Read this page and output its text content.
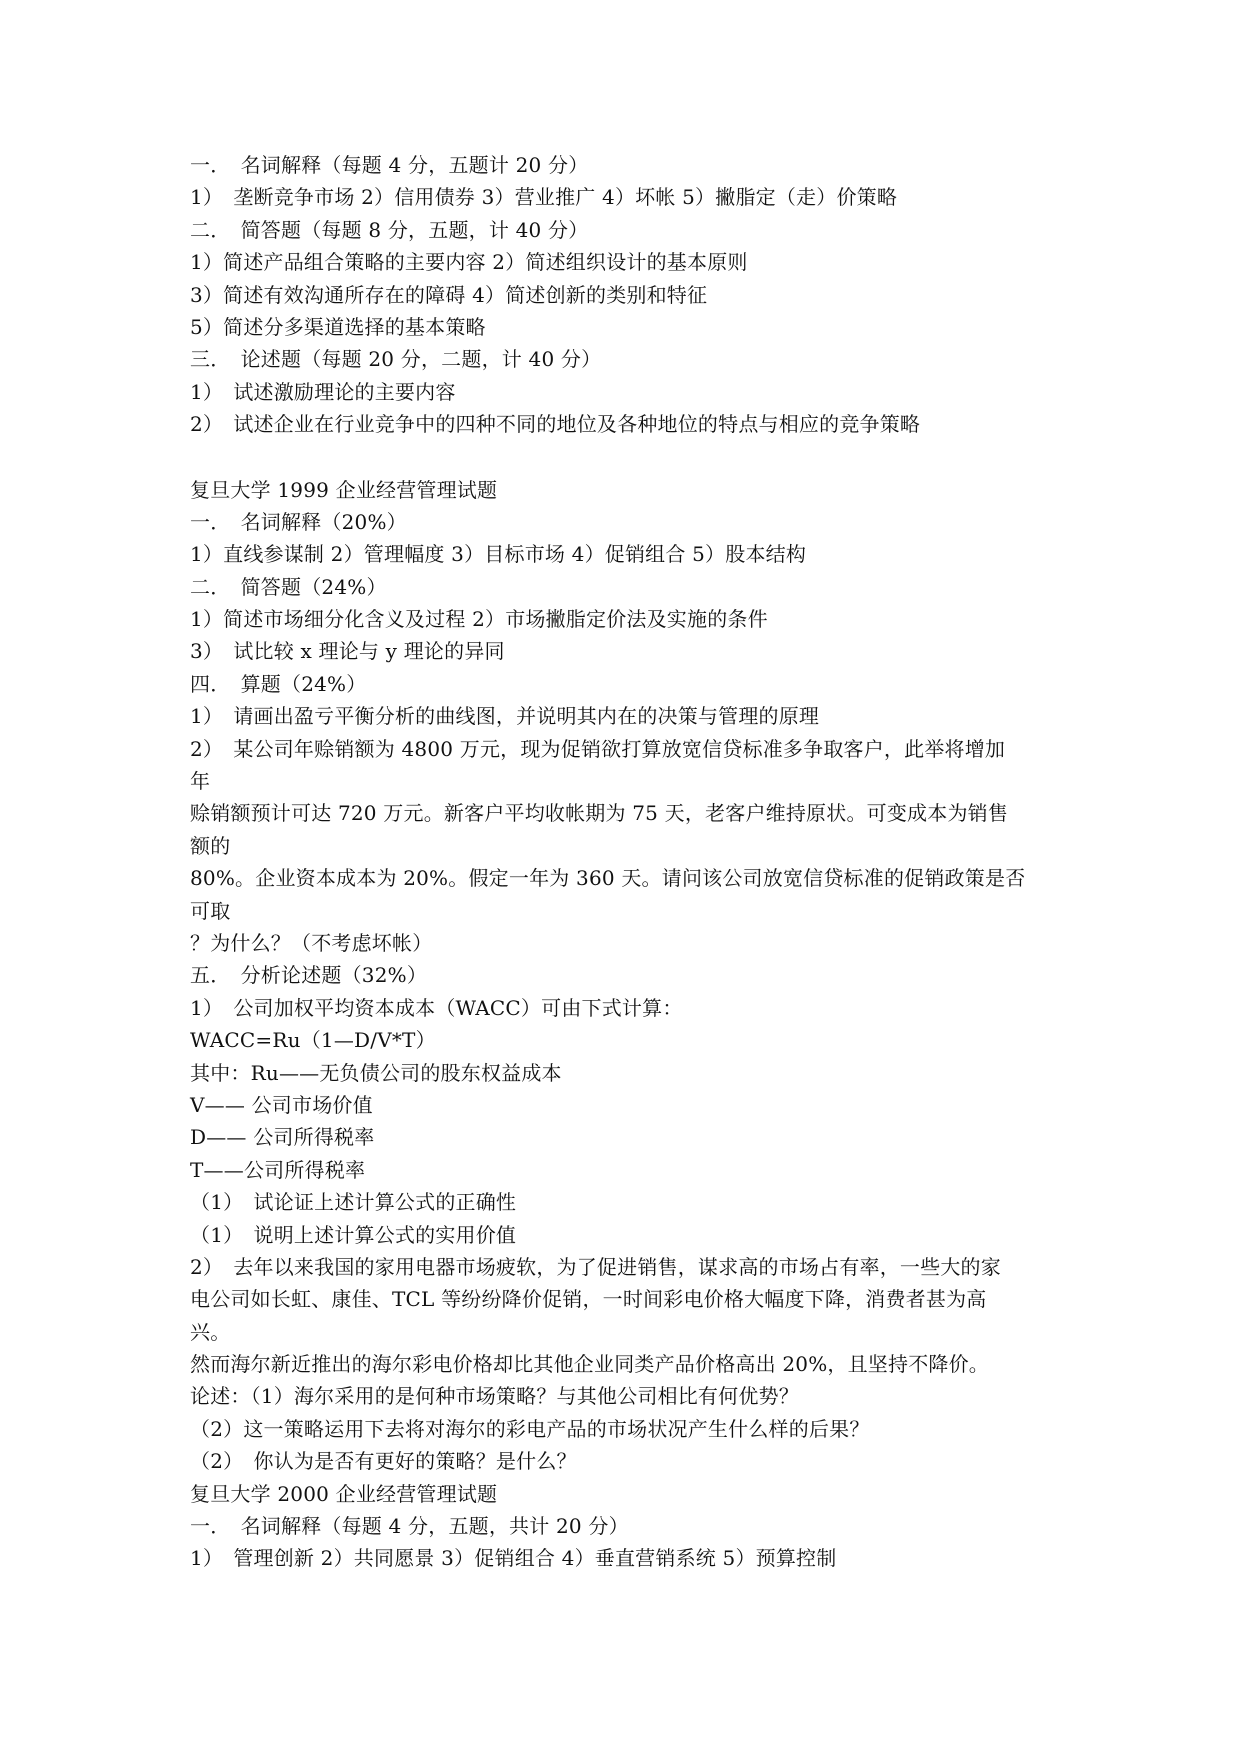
一．　名词解释（每题 4 分，五题计 20 分）
1）　垄断竞争市场 2）信用债券 3）营业推广 4）坏帐 5）撇脂定（走）价策略
二．　简答题（每题 8 分，五题，计 40 分）
1）简述产品组合策略的主要内容 2）简述组织设计的基本原则
3）简述有效沟通所存在的障碍 4）简述创新的类别和特征
5）简述分多渠道选择的基本策略
三．　论述题（每题 20 分，二题，计 40 分）
1）　试述激励理论的主要内容
2）　试述企业在行业竞争中的四种不同的地位及各种地位的特点与相应的竞争策略
复旦大学 1999 企业经营管理试题
一．　名词解释（20%）
1）直线参谋制 2）管理幅度 3）目标市场 4）促销组合 5）股本结构
二．　简答题（24%）
1）简述市场细分化含义及过程 2）市场撇脂定价法及实施的条件
3）　试比较 x 理论与 y 理论的异同
四．　算题（24%）
1）　请画出盈亏平衡分析的曲线图，并说明其内在的决策与管理的原理
2）　某公司年赊销额为 4800 万元，现为促销欲打算放宽信贷标准多争取客户，此举将增加
年
赊销额预计可达 720 万元。新客户平均收帐期为 75 天，老客户维持原状。可变成本为销售
额的
80%。企业资本成本为 20%。假定一年为 360 天。请问该公司放宽信贷标准的促销政策是否
可取
？为什么？（不考虑坏帐）
五．　分析论述题（32%）
1）　公司加权平均资本成本（WACC）可由下式计算：
WACC=Ru（1—D/V*T）
其中：Ru——无负债公司的股东权益成本
V—— 公司市场价值
D—— 公司所得税率
T——公司所得税率
（1）　试论证上述计算公式的正确性
（1）　说明上述计算公式的实用价值
2）　去年以来我国的家用电器市场疲软，为了促进销售，谋求高的市场占有率，一些大的家
电公司如长虹、康佳、TCL 等纷纷降价促销，一时间彩电价格大幅度下降，消费者甚为高
兴。
然而海尔新近推出的海尔彩电价格却比其他企业同类产品价格高出 20%，且坚持不降价。
论述：（1）海尔采用的是何种市场策略？与其他公司相比有何优势？
（2）这一策略运用下去将对海尔的彩电产品的市场状况产生什么样的后果？
（2）　你认为是否有更好的策略？是什么？
复旦大学 2000 企业经营管理试题
一．　名词解释（每题 4 分，五题，共计 20 分）
1）　管理创新 2）共同愿景 3）促销组合 4）垂直营销系统 5）预算控制
